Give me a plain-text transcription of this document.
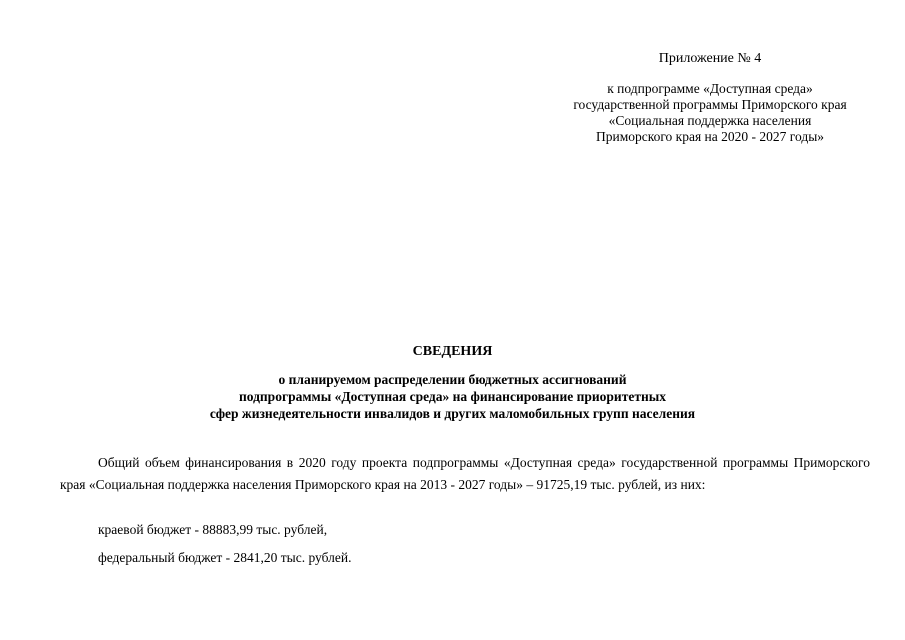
Приложение № 4
к подпрограмме «Доступная среда»
государственной программы Приморского края
«Социальная поддержка населения
Приморского края на 2020 - 2027 годы»
СВЕДЕНИЯ
о планируемом распределении бюджетных ассигнований
подпрограммы «Доступная среда» на финансирование приоритетных
сфер жизнедеятельности инвалидов и других маломобильных групп населения
Общий объем финансирования в 2020 году проекта подпрограммы «Доступная среда» государственной программы Приморского края «Социальная поддержка населения Приморского края на 2013 - 2027 годы» – 91725,19 тыс. рублей, из них:
краевой бюджет - 88883,99 тыс. рублей,
федеральный бюджет - 2841,20 тыс. рублей.
